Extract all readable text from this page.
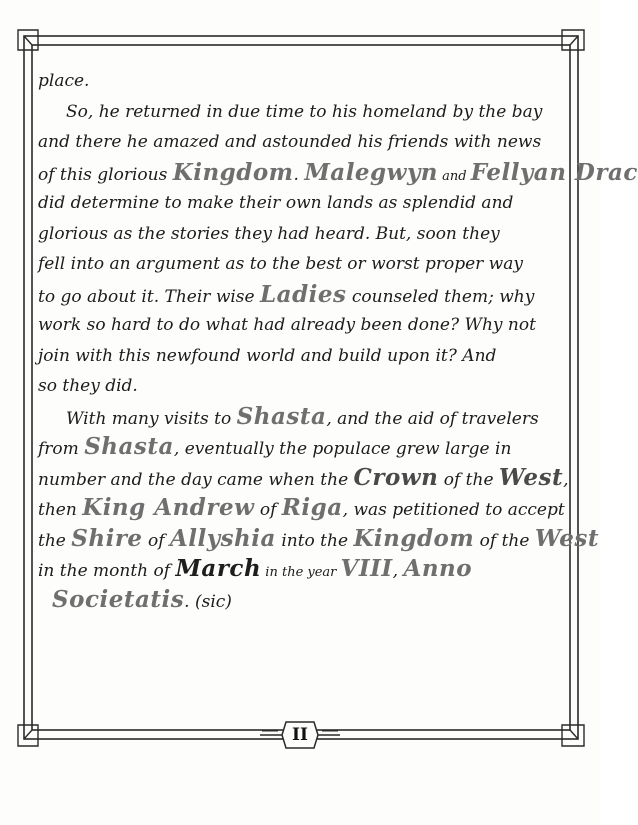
place.
So, he returned in due time to his homeland by the bay
and there he amazed and astounded his friends with news
of this glorious Kingdom. Malegwyn and Fellyan Drac
did determine to make their own lands as splendid and
glorious as the stories they had heard. But, soon they
fell into an argument as to the best or worst proper way
to go about it. Their wise Ladies counseled them; why
work so hard to do what had already been done? Why not
join with this newfound world and build upon it? And
so they did.
With many visits to Shasta, and the aid of travelers
from Shasta, eventually the populace grew large in
number and the day came when the Crown of the West,
then King Andrew of Riga, was petitioned to accept
the Shire of Allyshia into the Kingdom of the West
in the month of March in the year VIII, Anno
Societatis. (sic)
II
